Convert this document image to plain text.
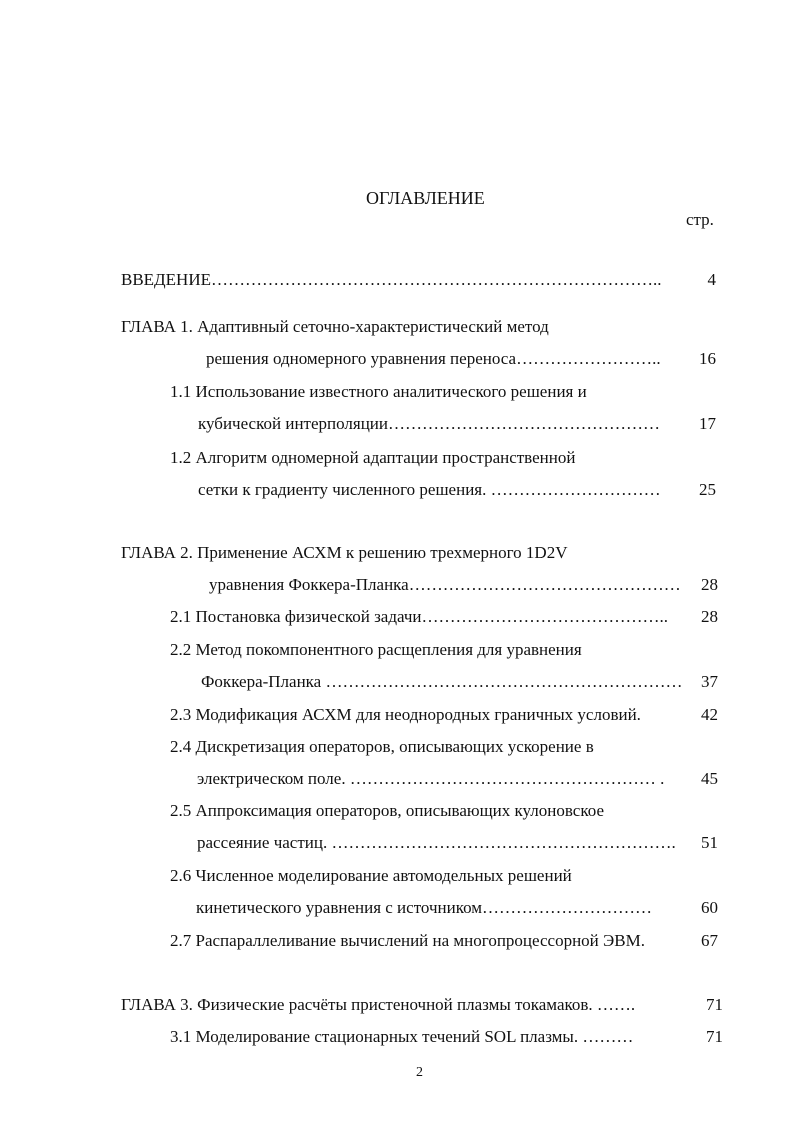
ОГЛАВЛЕНИЕ
стр.
ВВЕДЕНИЕ……………………………………………………………………..	4
ГЛАВА 1. Адаптивный сеточно-характеристический метод
решения одномерного уравнения переноса……………………..	16
1.1 Использование известного аналитического решения и
кубической интерполяции…………………………………………	17
1.2 Алгоритм одномерной адаптации пространственной
сетки к градиенту численного решения. …………………………	25
ГЛАВА 2. Применение АСХМ к решению трехмерного 1D2V
уравнения Фоккера-Планка…………………………………………	28
2.1 Постановка физической задачи……………………………………..	28
2.2 Метод покомпонентного расщепления для уравнения
Фоккера-Планка ………………………………………………………	37
2.3 Модификация АСХМ для неоднородных граничных условий.	42
2.4 Дискретизация операторов, описывающих ускорение в
электрическом поле. ……………………………………………… .	45
2.5 Аппроксимация операторов, описывающих кулоновское
рассеяние частиц. …………………………………………………….	51
2.6 Численное моделирование автомодельных решений
кинетического уравнения с источником…………………………	60
2.7 Распараллеливание вычислений на многопроцессорной ЭВМ.	67
ГЛАВА 3. Физические расчёты пристеночной плазмы токамаков. …….	71
3.1 Моделирование стационарных течений SOL плазмы. ………	71
2
